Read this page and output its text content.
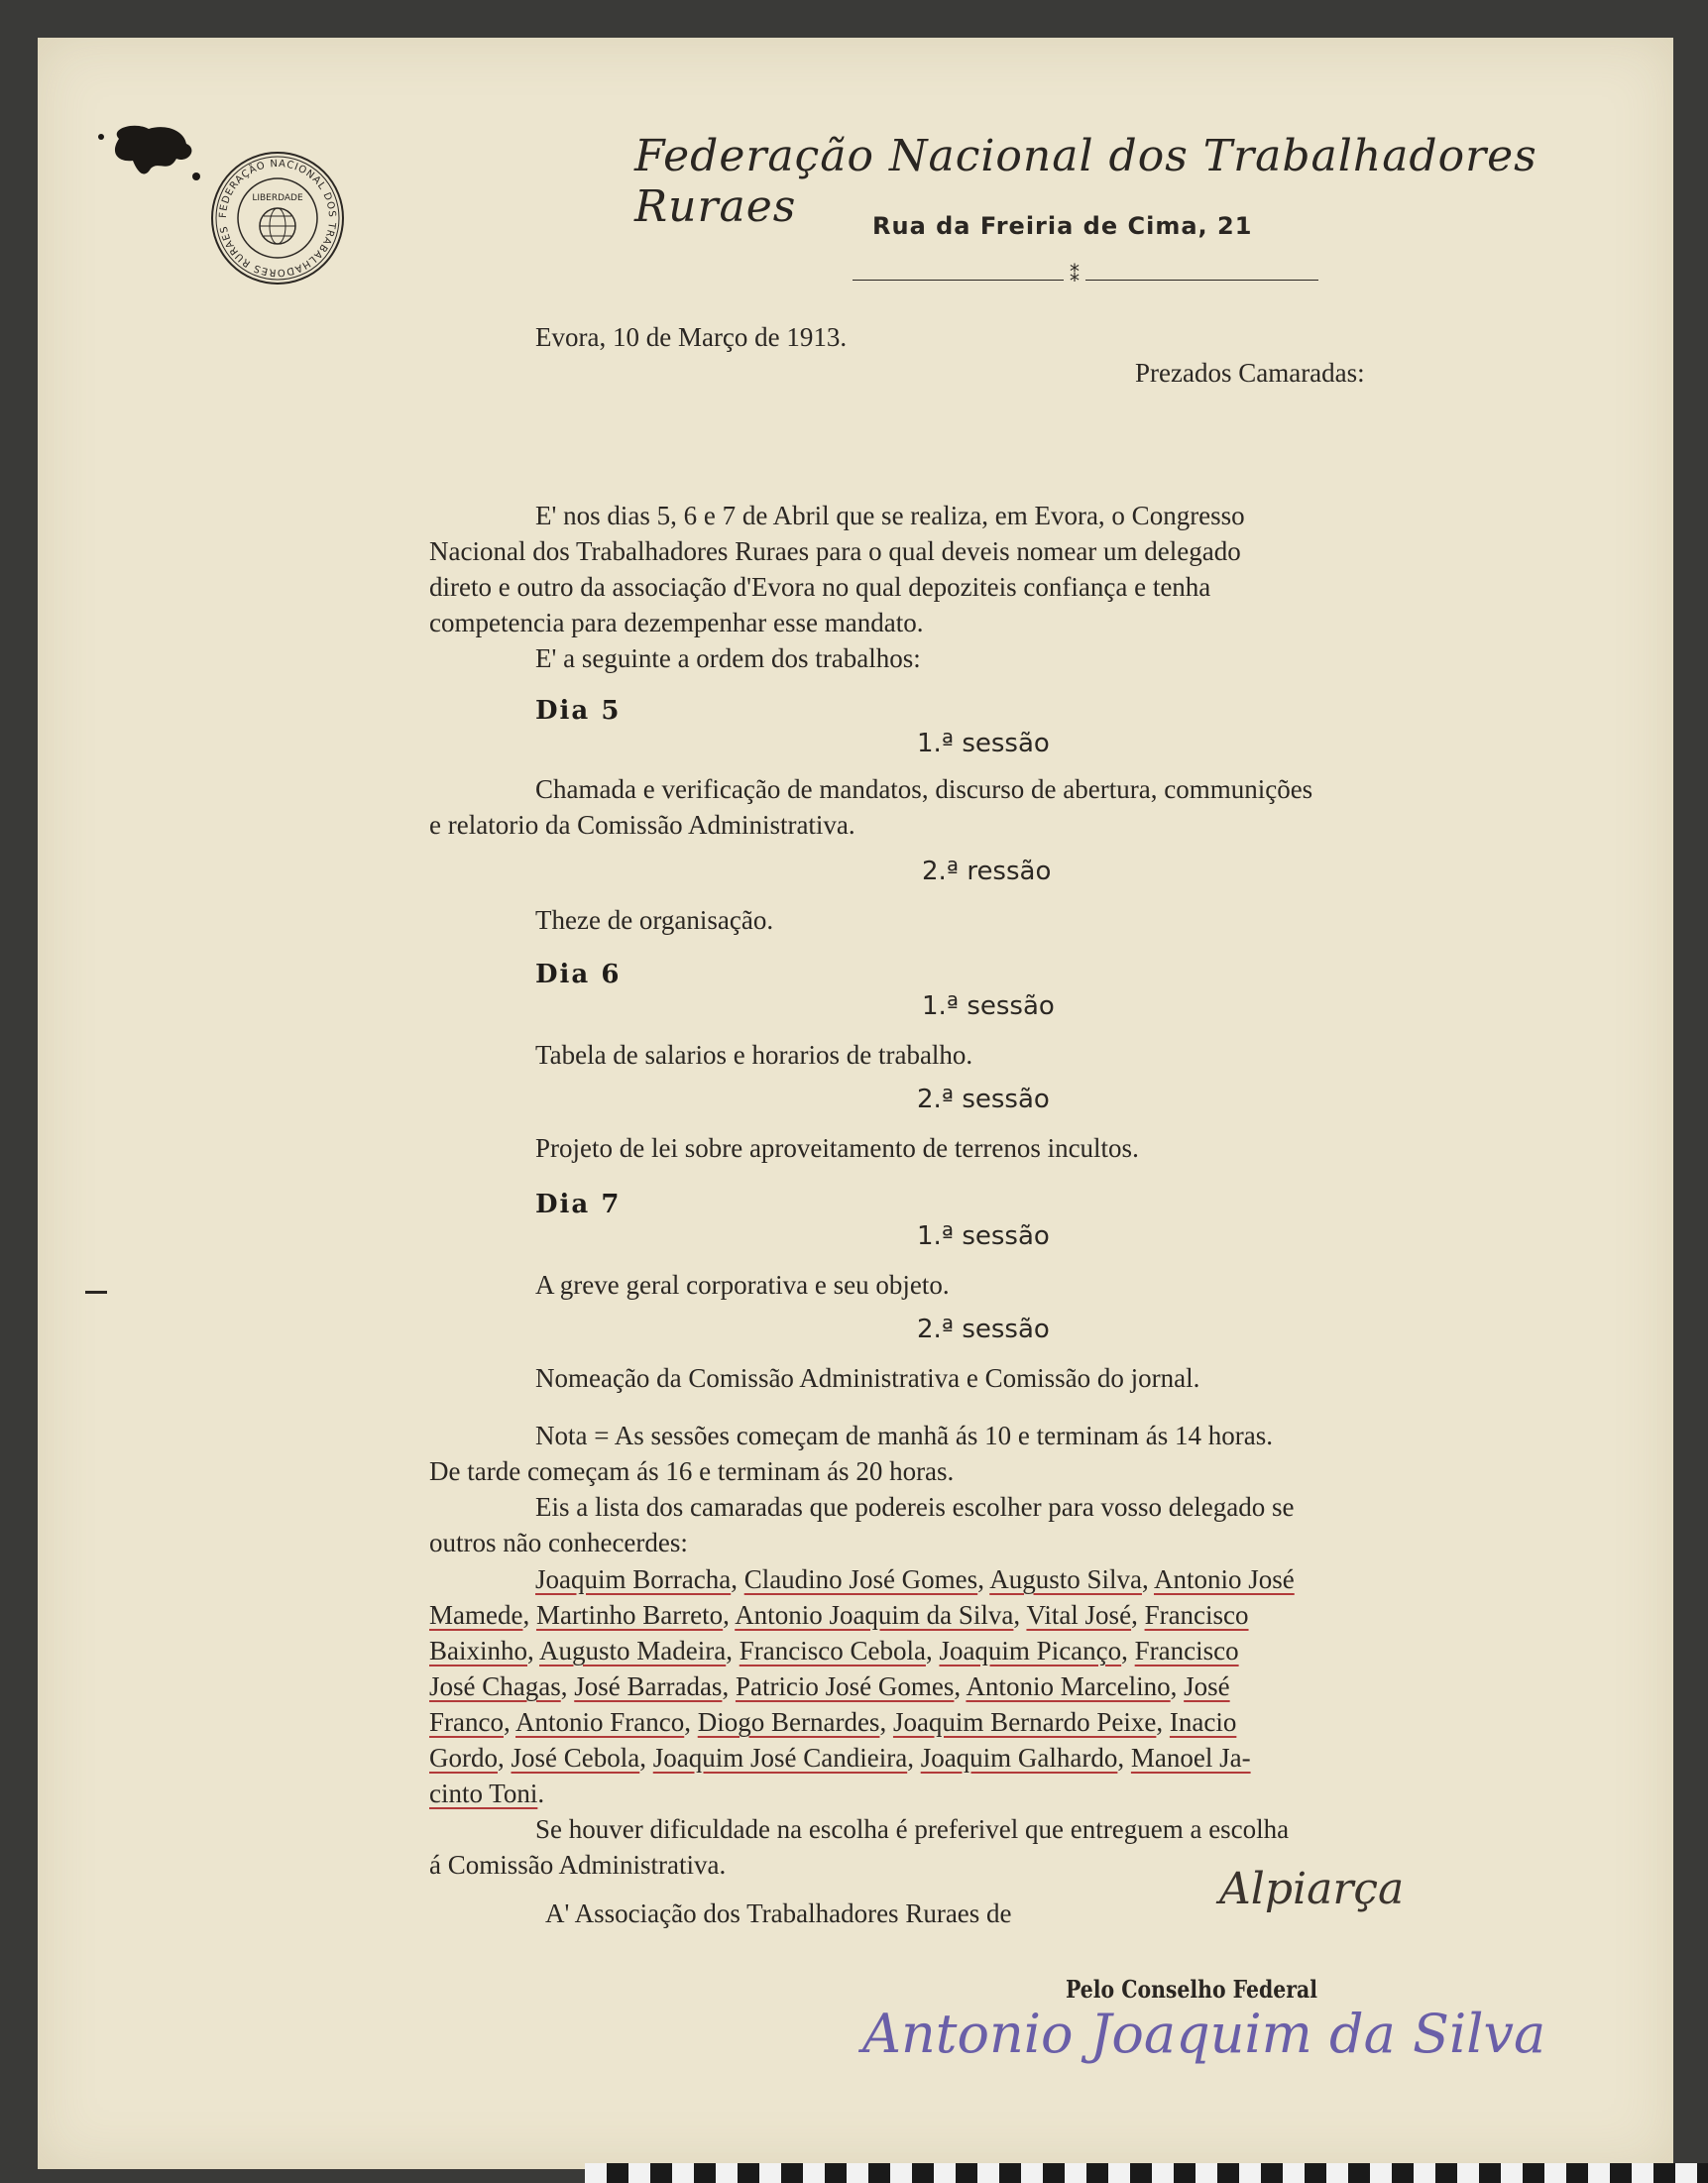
FEDERAÇÃO NACIONAL DOS TRABALHADORES RURAES
LIBERDADE
Federação Nacional dos Trabalhadores Ruraes	Rua da Freiria de Cima, 21
⁑
Evora, 10 de Março de 1913.
Prezados Camaradas:
E' nos dias 5, 6 e 7 de Abril que se realiza, em Evora, o Congresso
Nacional dos Trabalhadores Ruraes para o qual deveis nomear um delegado
direto e outro da associação d'Evora no qual depoziteis confiança e tenha
competencia para dezempenhar esse mandato.
E' a seguinte a ordem dos trabalhos:
Dia 5
1.ª sessão
Chamada e verificação de mandatos, discurso de abertura, communições
e relatorio da Comissão Administrativa.
2.ª ressão
Theze de organisação.
Dia 6
1.ª sessão
Tabela de salarios e horarios de trabalho.
2.ª sessão
Projeto de lei sobre aproveitamento de terrenos incultos.
Dia 7
1.ª sessão
A greve geral corporativa e seu objeto.
2.ª sessão
Nomeação da Comissão Administrativa e Comissão do jornal.
Nota = As sessões começam de manhã ás 10 e terminam ás 14 horas.
De tarde começam ás 16 e terminam ás 20 horas.
Eis a lista dos camaradas que podereis escolher para vosso delegado se
outros não conhecerdes:
Joaquim Borracha, Claudino José Gomes, Augusto Silva, Antonio José
Mamede, Martinho Barreto, Antonio Joaquim da Silva, Vital José, Francisco
Baixinho, Augusto Madeira, Francisco Cebola, Joaquim Picanço, Francisco
José Chagas, José Barradas, Patricio José Gomes, Antonio Marcelino, José
Franco, Antonio Franco, Diogo Bernardes, Joaquim Bernardo Peixe, Inacio
Gordo, José Cebola, Joaquim José Candieira, Joaquim Galhardo, Manoel Ja-
cinto Toni.
Se houver dificuldade na escolha é preferivel que entreguem a escolha
á Comissão Administrativa.
A' Associação dos Trabalhadores Ruraes de	Alpiarça
Pelo Conselho Federal
Antonio Joaquim da Silva
